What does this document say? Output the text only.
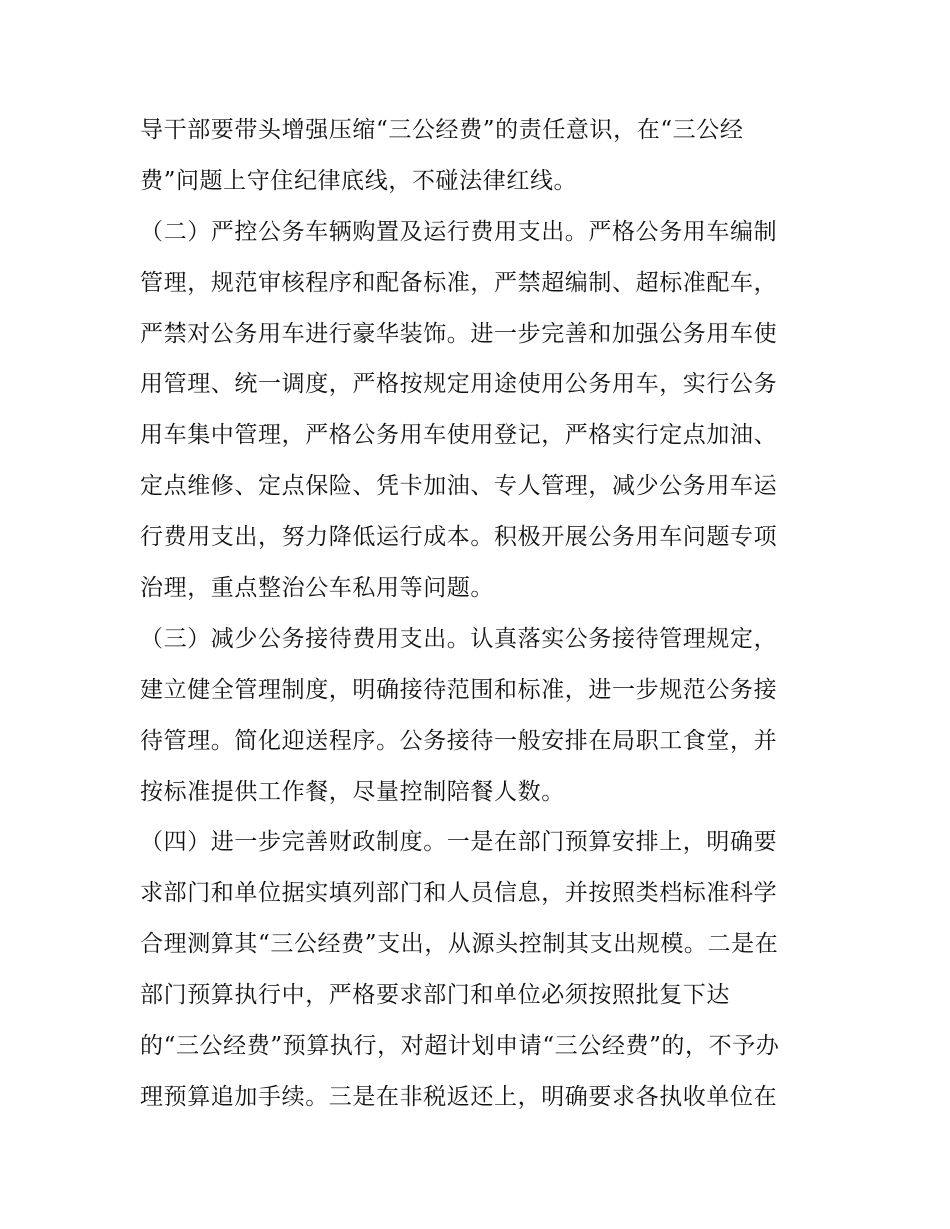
导干部要带头增强压缩“三公经费”的责任意识，在“三公经
费”问题上守住纪律底线，不碰法律红线。
（二）严控公务车辆购置及运行费用支出。严格公务用车编制
管理，规范审核程序和配备标准，严禁超编制、超标准配车，
严禁对公务用车进行豪华装饰。进一步完善和加强公务用车使
用管理、统一调度，严格按规定用途使用公务用车，实行公务
用车集中管理，严格公务用车使用登记，严格实行定点加油、
定点维修、定点保险、凭卡加油、专人管理，减少公务用车运
行费用支出，努力降低运行成本。积极开展公务用车问题专项
治理，重点整治公车私用等问题。
（三）减少公务接待费用支出。认真落实公务接待管理规定，
建立健全管理制度，明确接待范围和标准，进一步规范公务接
待管理。简化迎送程序。公务接待一般安排在局职工食堂，并
按标准提供工作餐，尽量控制陪餐人数。
（四）进一步完善财政制度。一是在部门预算安排上，明确要
求部门和单位据实填列部门和人员信息，并按照类档标准科学
合理测算其“三公经费”支出，从源头控制其支出规模。二是在
部门预算执行中，严格要求部门和单位必须按照批复下达
的“三公经费”预算执行，对超计划申请“三公经费”的，不予办
理预算追加手续。三是在非税返还上，明确要求各执收单位在
